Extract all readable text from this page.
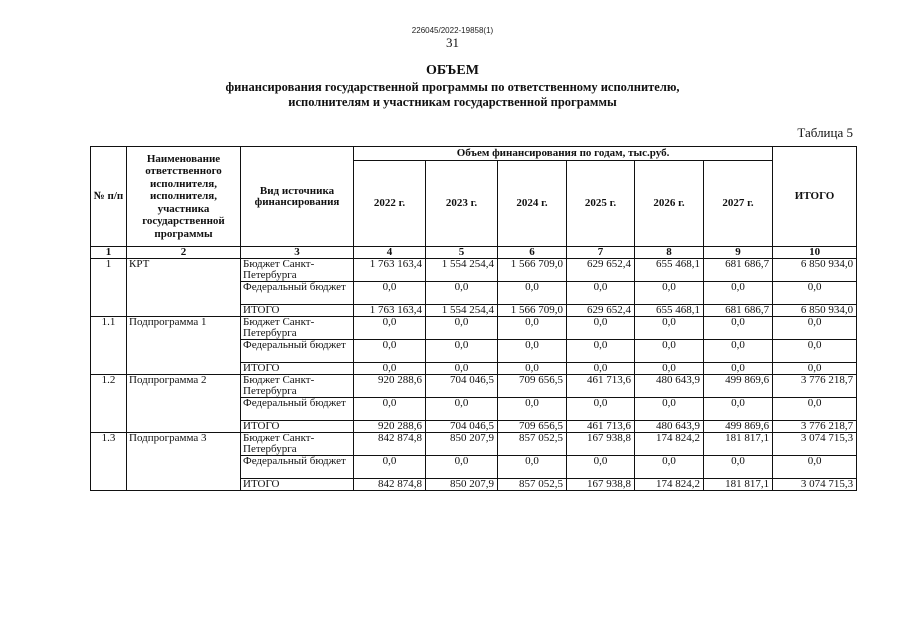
226045/2022-19858(1)
31
ОБЪЕМ
финансирования государственной программы по ответственному исполнителю,
исполнителям и участникам государственной программы
Таблица 5
№ п/п	Наименование ответственного исполнителя, исполнителя, участника государственной программы	Вид источника финансирования	Объем финансирования по годам, тыс.руб.						ИТОГО
			2022 г.	2023 г.	2024 г.	2025 г.	2026 г.	2027 г.	
1	2	3	4	5	6	7	8	9	10
1	КРТ	Бюджет Санкт-Петербурга	1 763 163,4	1 554 254,4	1 566 709,0	629 652,4	655 468,1	681 686,7	6 850 934,0
		Федеральный бюджет	0,0	0,0	0,0	0,0	0,0	0,0	0,0
		ИТОГО	1 763 163,4	1 554 254,4	1 566 709,0	629 652,4	655 468,1	681 686,7	6 850 934,0
1.1	Подпрограмма 1	Бюджет Санкт-Петербурга	0,0	0,0	0,0	0,0	0,0	0,0	0,0
		Федеральный бюджет	0,0	0,0	0,0	0,0	0,0	0,0	0,0
		ИТОГО	0,0	0,0	0,0	0,0	0,0	0,0	0,0
1.2	Подпрограмма 2	Бюджет Санкт-Петербурга	920 288,6	704 046,5	709 656,5	461 713,6	480 643,9	499 869,6	3 776 218,7
		Федеральный бюджет	0,0	0,0	0,0	0,0	0,0	0,0	0,0
		ИТОГО	920 288,6	704 046,5	709 656,5	461 713,6	480 643,9	499 869,6	3 776 218,7
1.3	Подпрограмма 3	Бюджет Санкт-Петербурга	842 874,8	850 207,9	857 052,5	167 938,8	174 824,2	181 817,1	3 074 715,3
		Федеральный бюджет	0,0	0,0	0,0	0,0	0,0	0,0	0,0
		ИТОГО	842 874,8	850 207,9	857 052,5	167 938,8	174 824,2	181 817,1	3 074 715,3
